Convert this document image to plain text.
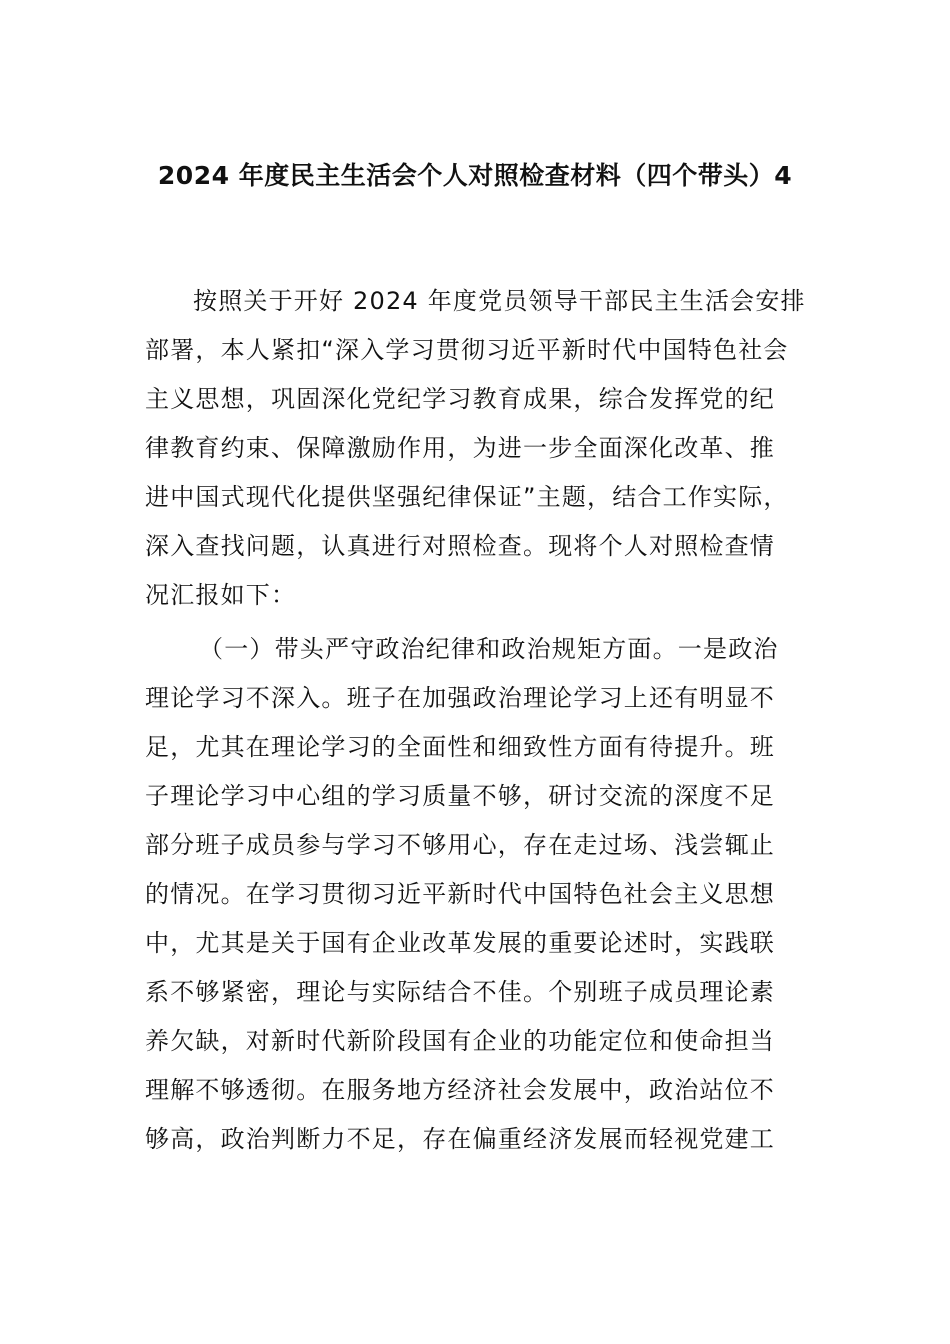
2024 年度民主生活会个人对照检查材料（四个带头）4
按照关于开好 2024 年度党员领导干部民主生活会安排
部署，本人紧扣“深入学习贯彻习近平新时代中国特色社会
主义思想，巩固深化党纪学习教育成果，综合发挥党的纪
律教育约束、保障激励作用，为进一步全面深化改革、推
进中国式现代化提供坚强纪律保证”主题，结合工作实际，
深入查找问题，认真进行对照检查。现将个人对照检查情
况汇报如下：
（一）带头严守政治纪律和政治规矩方面。一是政治
理论学习不深入。班子在加强政治理论学习上还有明显不
足，尤其在理论学习的全面性和细致性方面有待提升。班
子理论学习中心组的学习质量不够，研讨交流的深度不足
部分班子成员参与学习不够用心，存在走过场、浅尝辄止
的情况。在学习贯彻习近平新时代中国特色社会主义思想
中，尤其是关于国有企业改革发展的重要论述时，实践联
系不够紧密，理论与实际结合不佳。个别班子成员理论素
养欠缺，对新时代新阶段国有企业的功能定位和使命担当
理解不够透彻。在服务地方经济社会发展中，政治站位不
够高，政治判断力不足，存在偏重经济发展而轻视党建工
